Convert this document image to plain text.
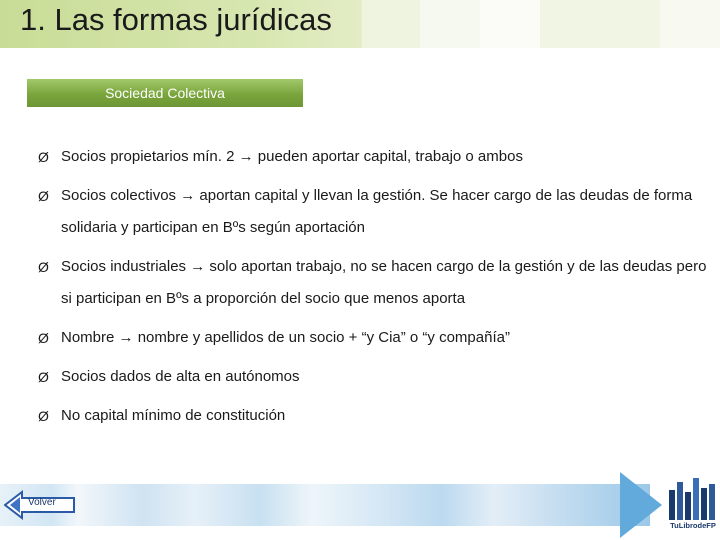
1. Las formas jurídicas
Sociedad Colectiva
Ø Socios propietarios mín. 2 → pueden aportar capital, trabajo o ambos
Ø Socios colectivos → aportan capital y llevan la gestión. Se hacer cargo de las deudas de forma solidaria y participan en Bºs según aportación
Ø Socios industriales → solo aportan trabajo, no se hacen cargo de la gestión y de las deudas pero si participan en Bºs a proporción del socio que menos aporta
Ø Nombre → nombre y apellidos de un socio + “y Cia” o “y compañía”
Ø Socios dados de alta en autónomos
Ø No capital mínimo de constitución
Volver
TuLibrodeFP
